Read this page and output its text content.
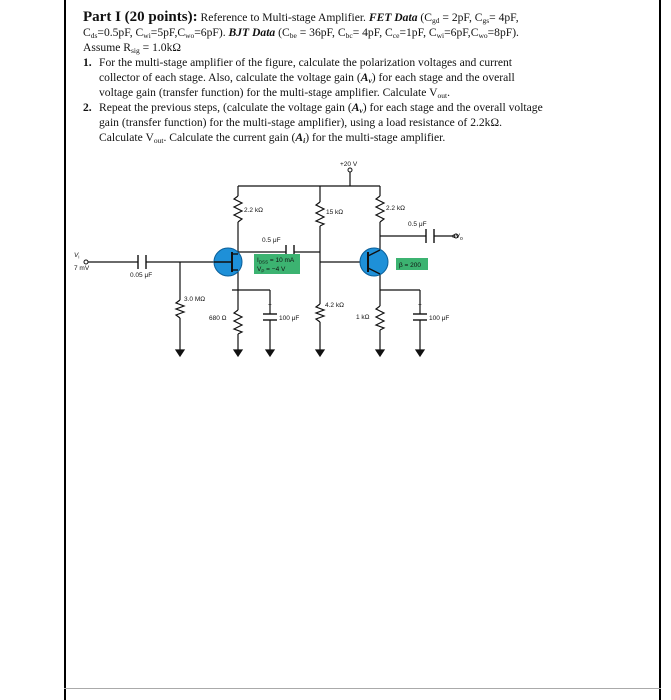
Part I (20 points): Reference to Multi-stage Amplifier. FET Data ($C_{gd} = 2pF$, $C_{gs}= 4pF$,
$C_{ds}=0.5pF$, $C_{wi}=5pF,C_{wo}=6pF$). BJT Data ($C_{be} = 36pF$, $C_{bc}= 4pF$, $C_{ce}=1pF$, $C_{wi}=6pF,C_{wo}=8pF$).
Assume $R_{sig} = 1.0k\Omega$
1. For the multi-stage amplifier of the figure, calculate the polarization voltages and current
collector of each stage. Also, calculate the voltage gain $(A_v)$ for each stage and the overall
voltage gain (transfer function) for the multi-stage amplifier. Calculate $V_{out}$.
2. Repeat the previous steps, (calculate the voltage gain $(A_v)$ for each stage and the overall voltage
gain (transfer function) for the multi-stage amplifier), using a load resistance of 2.2kΩ.
Calculate $V_{out}$. Calculate the current gain $(A_i)$ for the multi-stage amplifier.
+20 V
2.2 kΩ	15 kΩ
2.2 kΩ
0.5 μF
$oV_o$
0.5 μF
$I_{DSS} = 10$ mA
$V_P = -4$ V
β = 200
$V_i$
7 mV
0.05 μF
3.0 MΩ
680 Ω
+
100 μF
4.2 kΩ
1 kΩ
+
100 μF
